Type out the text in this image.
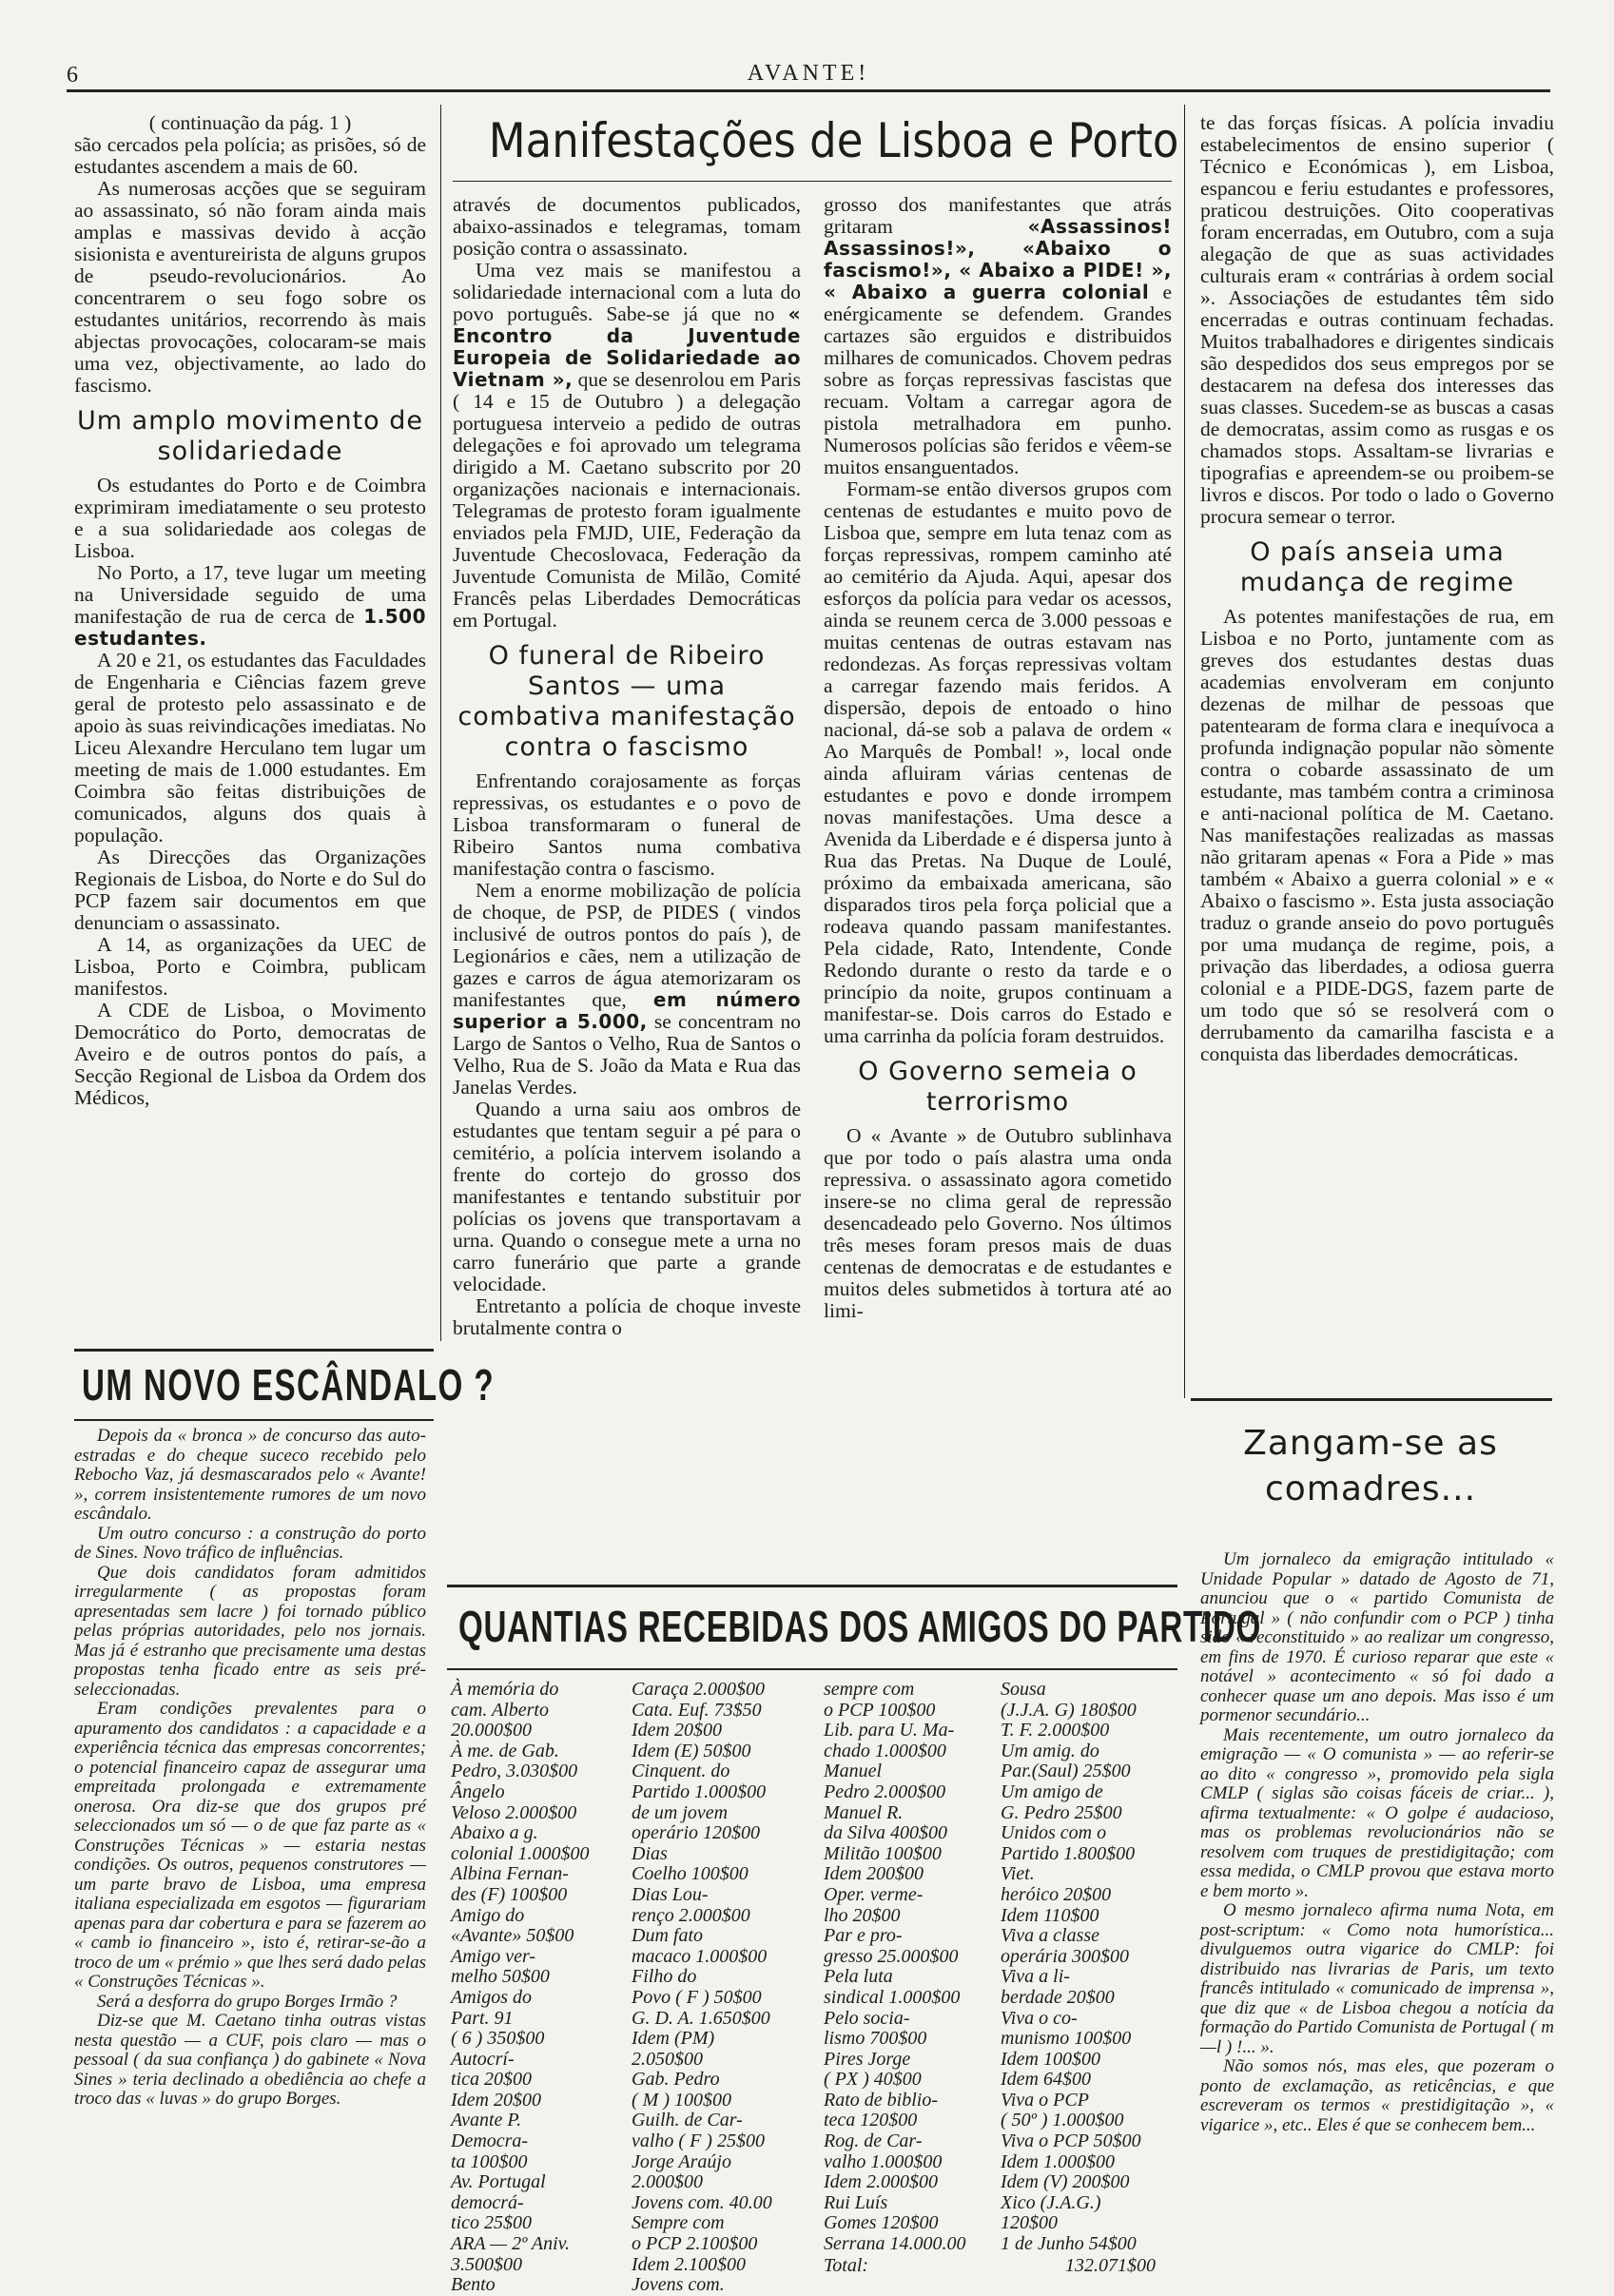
6	AVANTE!

( continuação da pág. 1 )

são cercados pela polícia; as prisões, só de estudantes ascendem a mais de 60.

As numerosas acções que se seguiram ao assassinato, só não foram ainda mais amplas e massivas devido à acção sisionista e aventureirista de alguns grupos de pseudo-revolucionários. Ao concentrarem o seu fogo sobre os estudantes unitários, recorrendo às mais abjectas provocações, colocaram-se mais uma vez, objectivamente, ao lado do fascismo.

Um amplo movimento de solidariedade

Os estudantes do Porto e de Coimbra exprimiram imediatamente o seu protesto e a sua solidariedade aos colegas de Lisboa.

No Porto, a 17, teve lugar um meeting na Universidade seguido de uma manifestação de rua de cerca de 1.500 estudantes.

A 20 e 21, os estudantes das Faculdades de Engenharia e Ciências fazem greve geral de protesto pelo assassinato e de apoio às suas reivindicações imediatas. No Liceu Alexandre Herculano tem lugar um meeting de mais de 1.000 estudantes. Em Coimbra são feitas distribuições de comunicados, alguns dos quais à população.

As Direcções das Organizações Regionais de Lisboa, do Norte e do Sul do PCP fazem sair documentos em que denunciam o assassinato.

A 14, as organizações da UEC de Lisboa, Porto e Coimbra, publicam manifestos.

A CDE de Lisboa, o Movimento Democrático do Porto, democratas de Aveiro e de outros pontos do país, a Secção Regional de Lisboa da Ordem dos Médicos,

Manifestações de Lisboa e Porto

através de documentos publicados, abaixo-assinados e telegramas, tomam posição contra o assassinato.

Uma vez mais se manifestou a solidariedade internacional com a luta do povo português. Sabe-se já que no « Encontro da Juventude Europeia de Solidariedade ao Vietnam », que se desenrolou em Paris ( 14 e 15 de Outubro ) a delegação portuguesa interveio a pedido de outras delegações e foi aprovado um telegrama dirigido a M. Caetano subscrito por 20 organizações nacionais e internacionais. Telegramas de protesto foram igualmente enviados pela FMJD, UIE, Federação da Juventude Checoslovaca, Federação da Juventude Comunista de Milão, Comité Francês pelas Liberdades Democráticas em Portugal.

O funeral de Ribeiro Santos — uma combativa manifestação contra o fascismo

Enfrentando corajosamente as forças repressivas, os estudantes e o povo de Lisboa transformaram o funeral de Ribeiro Santos numa combativa manifestação contra o fascismo.

Nem a enorme mobilização de polícia de choque, de PSP, de PIDES ( vindos inclusivé de outros pontos do país ), de Legionários e cães, nem a utilização de gazes e carros de água atemorizaram os manifestantes que, em número superior a 5.000, se concentram no Largo de Santos o Velho, Rua de Santos o Velho, Rua de S. João da Mata e Rua das Janelas Verdes.

Quando a urna saiu aos ombros de estudantes que tentam seguir a pé para o cemitério, a polícia intervem isolando a frente do cortejo do grosso dos manifestantes e tentando substituir por polícias os jovens que transportavam a urna. Quando o consegue mete a urna no carro funerário que parte a grande velocidade.

Entretanto a polícia de choque investe brutalmente contra o

grosso dos manifestantes que atrás gritaram «Assassinos! Assassinos!», «Abaixo o fascismo!», « Abaixo a PIDE! », « Abaixo a guerra colonial e enérgicamente se defendem. Grandes cartazes são erguidos e distribuidos milhares de comunicados. Chovem pedras sobre as forças repressivas fascistas que recuam. Voltam a carregar agora de pistola metralhadora em punho. Numerosos polícias são feridos e vêem-se muitos ensanguentados.

Formam-se então diversos grupos com centenas de estudantes e muito povo de Lisboa que, sempre em luta tenaz com as forças repressivas, rompem caminho até ao cemitério da Ajuda. Aqui, apesar dos esforços da polícia para vedar os acessos, ainda se reunem cerca de 3.000 pessoas e muitas centenas de outras estavam nas redondezas. As forças repressivas voltam a carregar fazendo mais feridos. A dispersão, depois de entoado o hino nacional, dá-se sob a palava de ordem « Ao Marquês de Pombal! », local onde ainda afluiram várias centenas de estudantes e povo e donde irrompem novas manifestações. Uma desce a Avenida da Liberdade e é dispersa junto à Rua das Pretas. Na Duque de Loulé, próximo da embaixada americana, são disparados tiros pela força policial que a rodeava quando passam manifestantes. Pela cidade, Rato, Intendente, Conde Redondo durante o resto da tarde e o princípio da noite, grupos continuam a manifestar-se. Dois carros do Estado e uma carrinha da polícia foram destruidos.

O Governo semeia o terrorismo

O « Avante » de Outubro sublinhava que por todo o país alastra uma onda repressiva. o assassinato agora cometido insere-se no clima geral de repressão desencadeado pelo Governo. Nos últimos três meses foram presos mais de duas centenas de democratas e de estudantes e muitos deles submetidos à tortura até ao limi-

te das forças físicas. A polícia invadiu estabelecimentos de ensino superior ( Técnico e Económicas ), em Lisboa, espancou e feriu estudantes e professores, praticou destruições. Oito cooperativas foram encerradas, em Outubro, com a suja alegação de que as suas actividades culturais eram « contrárias à ordem social ». Associações de estudantes têm sido encerradas e outras continuam fechadas. Muitos trabalhadores e dirigentes sindicais são despedidos dos seus empregos por se destacarem na defesa dos interesses das suas classes. Sucedem-se as buscas a casas de democratas, assim como as rusgas e os chamados stops. Assaltam-se livrarias e tipografias e apreendem-se ou proibem-se livros e discos. Por todo o lado o Governo procura semear o terror.

O país anseia uma mudança de regime

As potentes manifestações de rua, em Lisboa e no Porto, juntamente com as greves dos estudantes destas duas academias envolveram em conjunto dezenas de milhar de pessoas que patentearam de forma clara e inequívoca a profunda indignação popular não sòmente contra o cobarde assassinato de um estudante, mas também contra a criminosa e anti-nacional política de M. Caetano. Nas manifestações realizadas as massas não gritaram apenas « Fora a Pide » mas também « Abaixo a guerra colonial » e « Abaixo o fascismo ». Esta justa associação traduz o grande anseio do povo português por uma mudança de regime, pois, a privação das liberdades, a odiosa guerra colonial e a PIDE-DGS, fazem parte de um todo que só se resolverá com o derrubamento da camarilha fascista e a conquista das liberdades democráticas.

UM NOVO ESCÂNDALO ?

Depois da « bronca » de concurso das auto-estradas e do cheque suceco recebido pelo Rebocho Vaz, já desmascarados pelo « Avante! », correm insistentemente rumores de um novo escândalo.

Um outro concurso : a construção do porto de Sines. Novo tráfico de influências.

Que dois candidatos foram admitidos irregularmente ( as propostas foram apresentadas sem lacre ) foi tornado público pelas próprias autoridades, pelo nos jornais. Mas já é estranho que precisamente uma destas propostas tenha ficado entre as seis pré-seleccionadas.

Eram condições prevalentes para o apuramento dos candidatos : a capacidade e a experiência técnica das empresas concorrentes; o potencial financeiro capaz de assegurar uma empreitada prolongada e extremamente onerosa. Ora diz-se que dos grupos pré seleccionados um só — o de que faz parte as « Construções Técnicas » — estaria nestas condições. Os outros, pequenos construtores — um parte bravo de Lisboa, uma empresa italiana especializada em esgotos — figurariam apenas para dar cobertura e para se fazerem ao « camb io financeiro », isto é, retirar-se-ão a troco de um « prémio » que lhes será dado pelas « Construções Técnicas ».

Será a desforra do grupo Borges Irmão ?

Diz-se que M. Caetano tinha outras vistas nesta questão — a CUF, pois claro — mas o pessoal ( da sua confiança ) do gabinete « Nova Sines » teria declinado a obediência ao chefe a troco das « luvas » do grupo Borges.

QUANTIAS RECEBIDAS DOS AMIGOS DO PARTIDO
À memória do
cam. Alberto
20.000$00
À me. de Gab.
Pedro, 3.030$00
Ângelo
Veloso 2.000$00
Abaixo a g.
colonial 1.000$00
Albina Fernan-
des (F) 100$00
Amigo do
«Avante» 50$00
Amigo ver-
melho 50$00
Amigos do
Part. 91
( 6 ) 350$00
Autocrí-
tica 20$00
Idem 20$00
Avante P.
Democra-
ta 100$00
Av. Portugal
democrá-
tico 25$00
ARA — 2º Aniv.
3.500$00
Bento
Caraça 2.000$00
Cata. Euf. 73$50
Idem 20$00
Idem (E) 50$00
Cinquent. do
Partido 1.000$00
de um jovem
operário 120$00
Dias
Coelho 100$00
Dias Lou-
renço 2.000$00
Dum fato
macaco 1.000$00
Filho do
Povo ( F ) 50$00
G. D. A. 1.650$00
Idem (PM)
2.050$00
Gab. Pedro
( M ) 100$00
Guilh. de Car-
valho ( F ) 25$00
Jorge Araújo
2.000$00
Jovens com. 40.00
Sempre com
o PCP 2.100$00
Idem 2.100$00
Jovens com.
sempre com
o PCP 100$00
Lib. para U. Ma-
chado 1.000$00
Manuel
Pedro 2.000$00
Manuel R.
da Silva 400$00
Militão 100$00
Idem 200$00
Oper. verme-
lho 20$00
Par e pro-
gresso 25.000$00
Pela luta
sindical 1.000$00
Pelo socia-
lismo 700$00
Pires Jorge
( PX ) 40$00
Rato de biblio-
teca 120$00
Rog. de Car-
valho 1.000$00
Idem 2.000$00
Rui Luís
Gomes 120$00
Serrana 14.000.00
Sousa
(J.J.A. G) 180$00
T. F. 2.000$00
Um amig. do
Par.(Saul) 25$00
Um amigo de
G. Pedro 25$00
Unidos com o
Partido 1.800$00
Viet.
heróico 20$00
Idem 110$00
Viva a classe
operária 300$00
Viva a li-
berdade 20$00
Viva o co-
munismo 100$00
Idem 100$00
Idem 64$00
Viva o PCP
( 50º ) 1.000$00
Viva o PCP 50$00
Idem 1.000$00
Idem (V) 200$00
Xico (J.A.G.)
120$00
1 de Junho 54$00
Total:	132.071$00
Zangam-se as comadres...

Um jornaleco da emigração intitulado « Unidade Popular » datado de Agosto de 71, anunciou que o « partido Comunista de Portugal » ( não confundir com o PCP ) tinha sido « reconstituido » ao realizar um congresso, em fins de 1970. É curioso reparar que este « notável » acontecimento « só foi dado a conhecer quase um ano depois. Mas isso é um pormenor secundário...

Mais recentemente, um outro jornaleco da emigração — « O comunista » — ao referir-se ao dito « congresso », promovido pela sigla CMLP ( siglas são coisas fáceis de criar... ), afirma textualmente: « O golpe é audacioso, mas os problemas revolucionários não se resolvem com truques de prestidigitação; com essa medida, o CMLP provou que estava morto e bem morto ».

O mesmo jornaleco afirma numa Nota, em post-scriptum: « Como nota humorística... divulguemos outra vigarice do CMLP: foi distribuido nas livrarias de Paris, um texto francês intitulado « comunicado de imprensa », que diz que « de Lisboa chegou a notícia da formação do Partido Comunista de Portugal ( m—l ) !... ».

Não somos nós, mas eles, que pozeram o ponto de exclamação, as reticências, e que escreveram os termos « prestidigitação », « vigarice », etc.. Eles é que se conhecem bem...
